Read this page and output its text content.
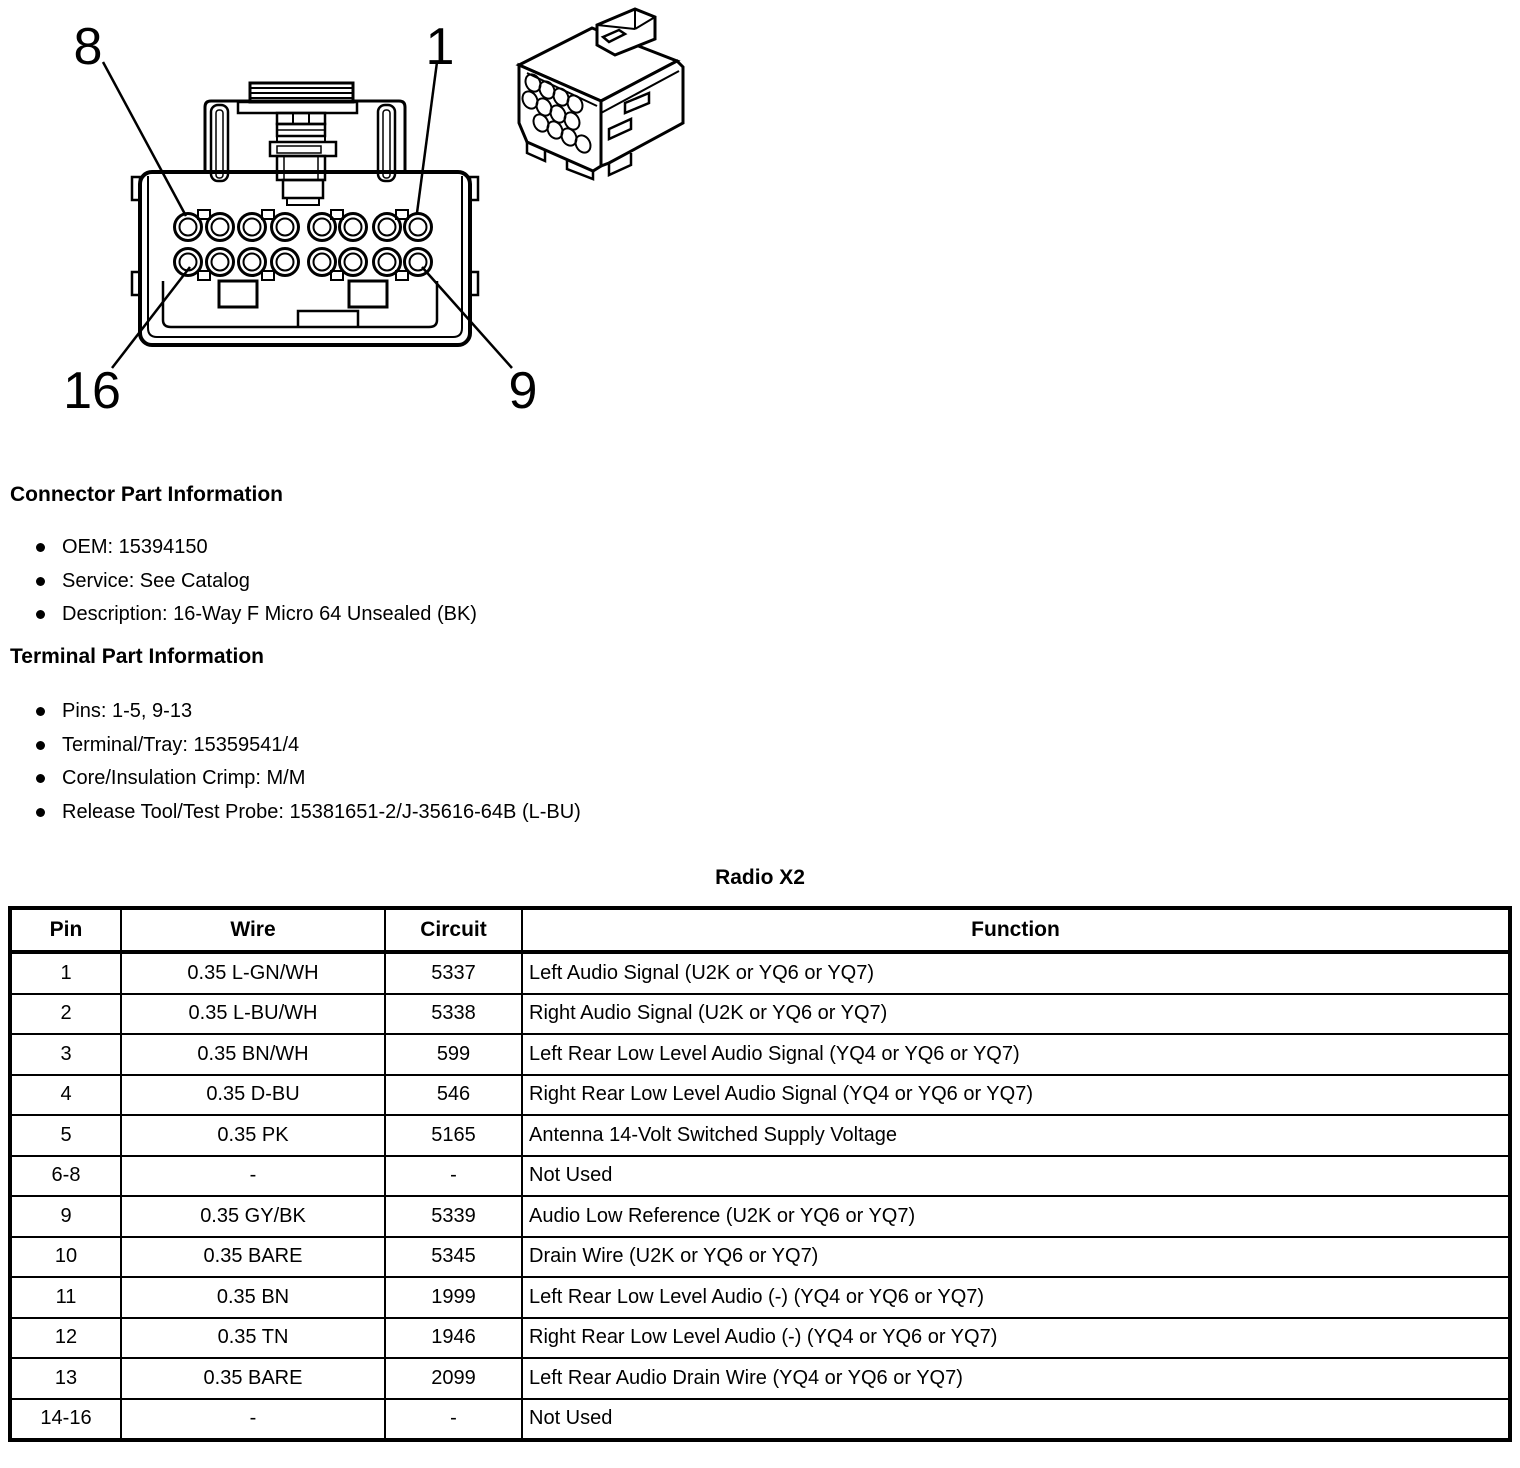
8	1
16	9
Connector Part Information
OEM: 15394150
Service: See Catalog
Description: 16-Way F Micro 64 Unsealed (BK)
Terminal Part Information
Pins: 1-5, 9-13
Terminal/Tray: 15359541/4
Core/Insulation Crimp: M/M
Release Tool/Test Probe: 15381651-2/J-35616-64B (L-BU)
Radio X2
Pin	Wire	Circuit	Function
1	0.35 L-GN/WH	5337	Left Audio Signal (U2K or YQ6 or YQ7)
2	0.35 L-BU/WH	5338	Right Audio Signal (U2K or YQ6 or YQ7)
3	0.35 BN/WH	599	Left Rear Low Level Audio Signal (YQ4 or YQ6 or YQ7)
4	0.35 D-BU	546	Right Rear Low Level Audio Signal (YQ4 or YQ6 or YQ7)
5	0.35 PK	5165	Antenna 14-Volt Switched Supply Voltage
6-8	-	-	Not Used
9	0.35 GY/BK	5339	Audio Low Reference (U2K or YQ6 or YQ7)
10	0.35 BARE	5345	Drain Wire (U2K or YQ6 or YQ7)
11	0.35 BN	1999	Left Rear Low Level Audio (-) (YQ4 or YQ6 or YQ7)
12	0.35 TN	1946	Right Rear Low Level Audio (-) (YQ4 or YQ6 or YQ7)
13	0.35 BARE	2099	Left Rear Audio Drain Wire (YQ4 or YQ6 or YQ7)
14-16	-	-	Not Used
